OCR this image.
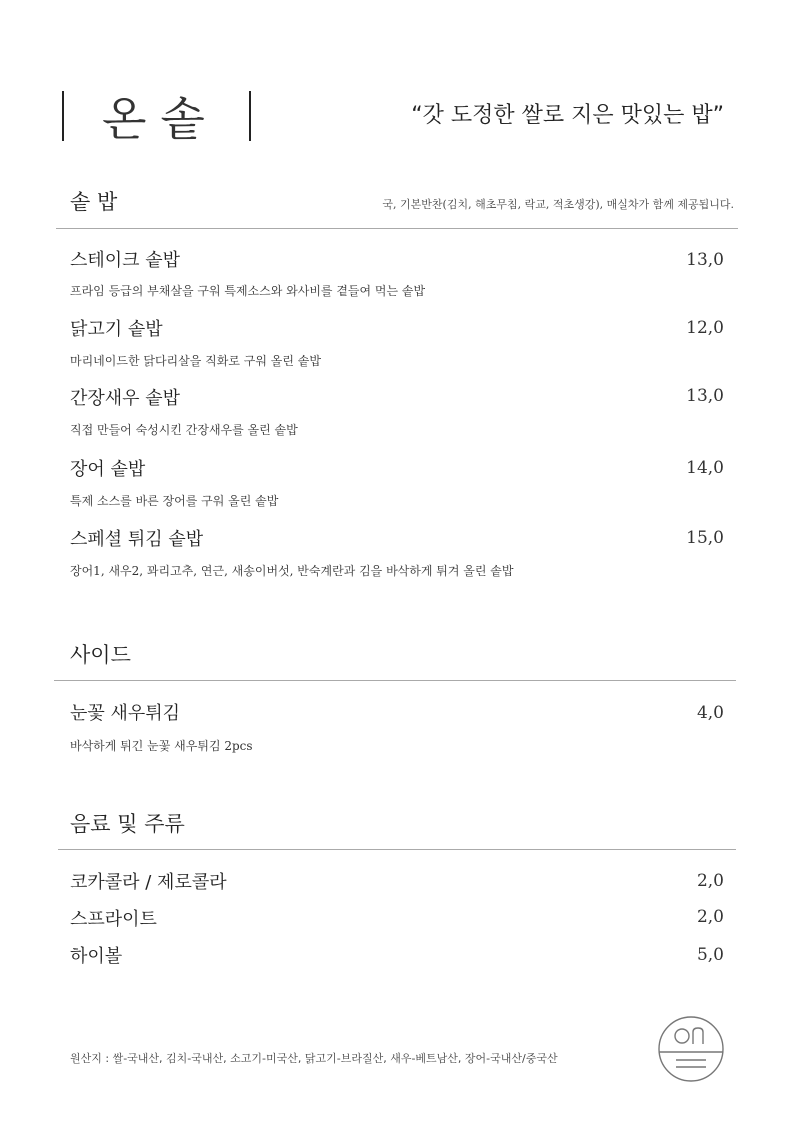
온솥	“갓 도정한 쌀로 지은 맛있는 밥”
솥 밥	국, 기본반찬(김치, 해초무침, 락교, 적초생강), 매실차가 함께 제공됩니다.
스테이크 솥밥	13,0
프라임 등급의 부채살을 구워 특제소스와 와사비를 곁들여 먹는 솥밥
닭고기 솥밥	12,0
마리네이드한 닭다리살을 직화로 구워 올린 솥밥
간장새우 솥밥	13,0
직접 만들어 숙성시킨 간장새우를 올린 솥밥
장어 솥밥	14,0
특제 소스를 바른 장어를 구워 올린 솥밥
스페셜 튀김 솥밥	15,0
장어1, 새우2, 꽈리고추, 연근, 새송이버섯, 반숙계란과 김을 바삭하게 튀겨 올린 솥밥
사이드
눈꽃 새우튀김	4,0
바삭하게 튀긴 눈꽃 새우튀김 2pcs
음료 및 주류
코카콜라 / 제로콜라	2,0
스프라이트	2,0
하이볼	5,0
원산지 : 쌀-국내산, 김치-국내산, 소고기-미국산, 닭고기-브라질산, 새우-베트남산, 장어-국내산/중국산
